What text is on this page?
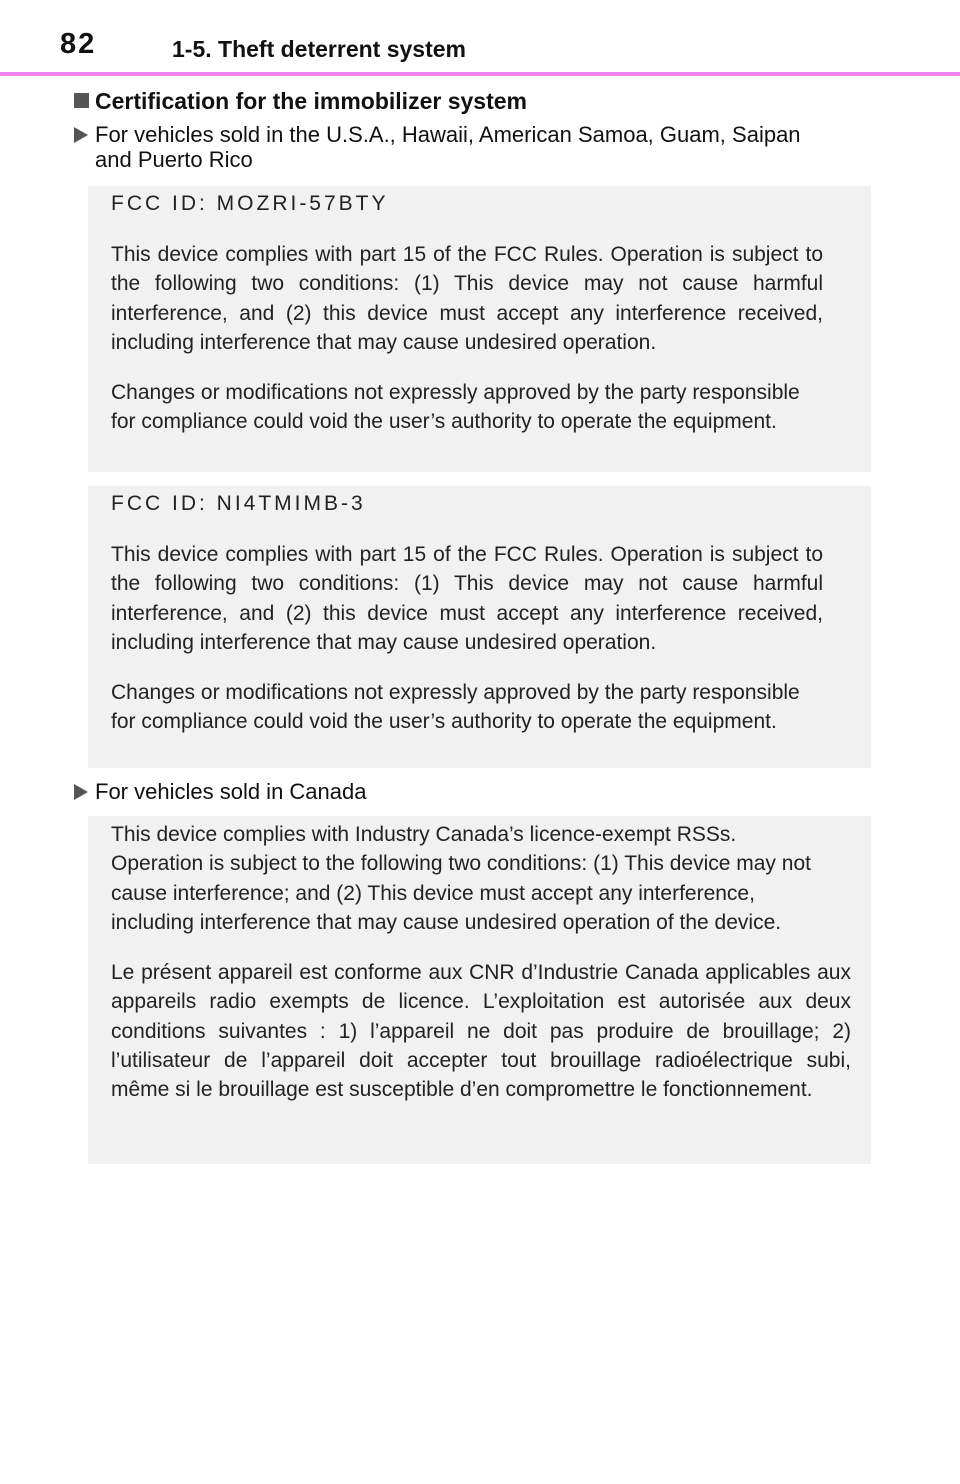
82	1-5. Theft deterrent system
Certification for the immobilizer system
For vehicles sold in the U.S.A., Hawaii, American Samoa, Guam, Saipan
and Puerto Rico

FCC ID: MOZRI-57BTY

This device complies with part 15 of the FCC Rules. Operation is subject to the following two conditions: (1) This device may not cause harmful interference, and (2) this device must accept any interference received, including interference that may cause undesired operation.

Changes or modifications not expressly approved by the party responsible for compliance could void the user’s authority to operate the equipment.

FCC ID: NI4TMIMB-3

This device complies with part 15 of the FCC Rules. Operation is subject to the following two conditions: (1) This device may not cause harmful interference, and (2) this device must accept any interference received, including interference that may cause undesired operation.

Changes or modifications not expressly approved by the party responsible for compliance could void the user’s authority to operate the equipment.

For vehicles sold in Canada

This device complies with Industry Canada’s licence-exempt RSSs. Operation is subject to the following two conditions: (1) This device may not cause interference; and (2) This device must accept any interference, including interference that may cause undesired operation of the device.

Le présent appareil est conforme aux CNR d’Industrie Canada applicables aux appareils radio exempts de licence. L’exploitation est autorisée aux deux conditions suivantes : 1) l’appareil ne doit pas produire de brouillage; 2) l’utilisateur de l’appareil doit accepter tout brouillage radioélectrique subi, même si le brouillage est susceptible d’en compromettre le fonctionnement.
